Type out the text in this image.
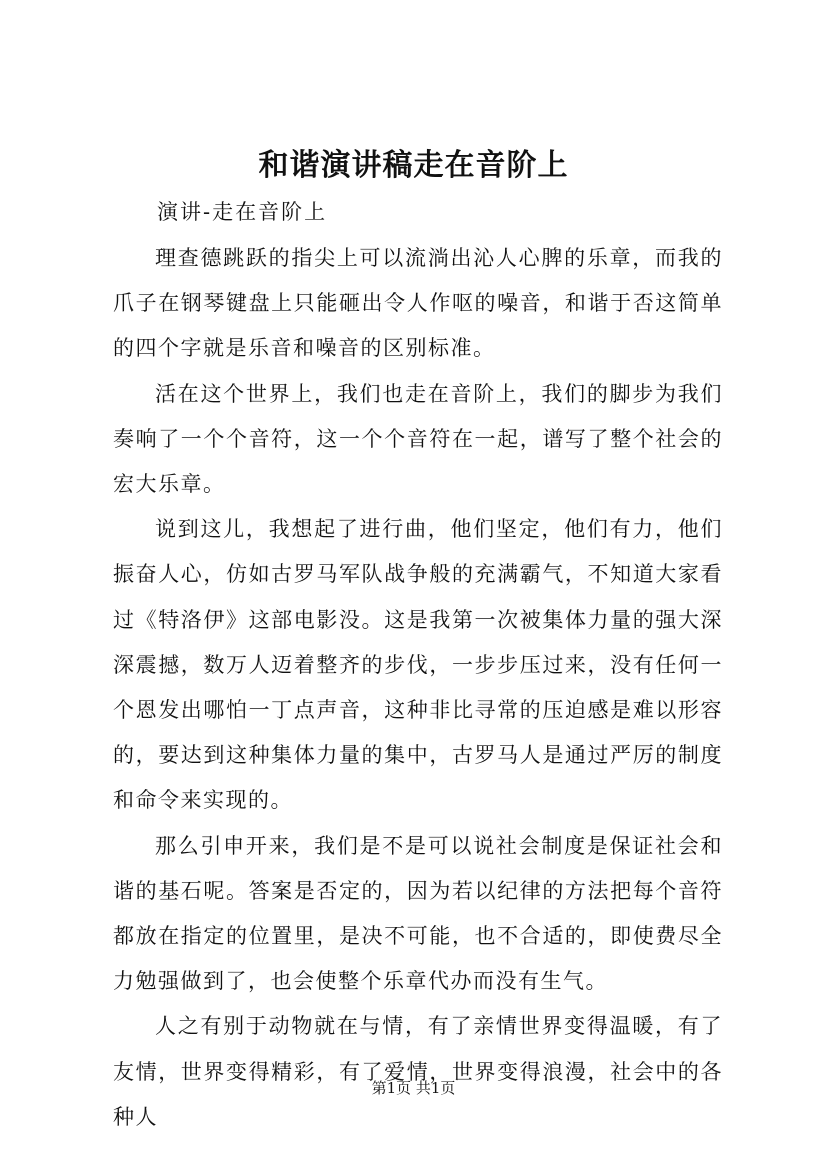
和谐演讲稿走在音阶上
演讲-走在音阶上

理查德跳跃的指尖上可以流淌出沁人心脾的乐章，而我的爪子在钢琴键盘上只能砸出令人作呕的噪音，和谐于否这简单的四个字就是乐音和噪音的区别标准。

活在这个世界上，我们也走在音阶上，我们的脚步为我们奏响了一个个音符，这一个个音符在一起，谱写了整个社会的宏大乐章。

说到这儿，我想起了进行曲，他们坚定，他们有力，他们振奋人心，仿如古罗马军队战争般的充满霸气，不知道大家看过《特洛伊》这部电影没。这是我第一次被集体力量的强大深深震撼，数万人迈着整齐的步伐，一步步压过来，没有任何一个恩发出哪怕一丁点声音，这种非比寻常的压迫感是难以形容的，要达到这种集体力量的集中，古罗马人是通过严厉的制度和命令来实现的。

那么引申开来，我们是不是可以说社会制度是保证社会和谐的基石呢。答案是否定的，因为若以纪律的方法把每个音符都放在指定的位置里，是决不可能，也不合适的，即使费尽全力勉强做到了，也会使整个乐章代办而没有生气。

人之有别于动物就在与情，有了亲情世界变得温暖，有了友情，世界变得精彩，有了爱情，世界变得浪漫，社会中的各种人

第1页 共1页
